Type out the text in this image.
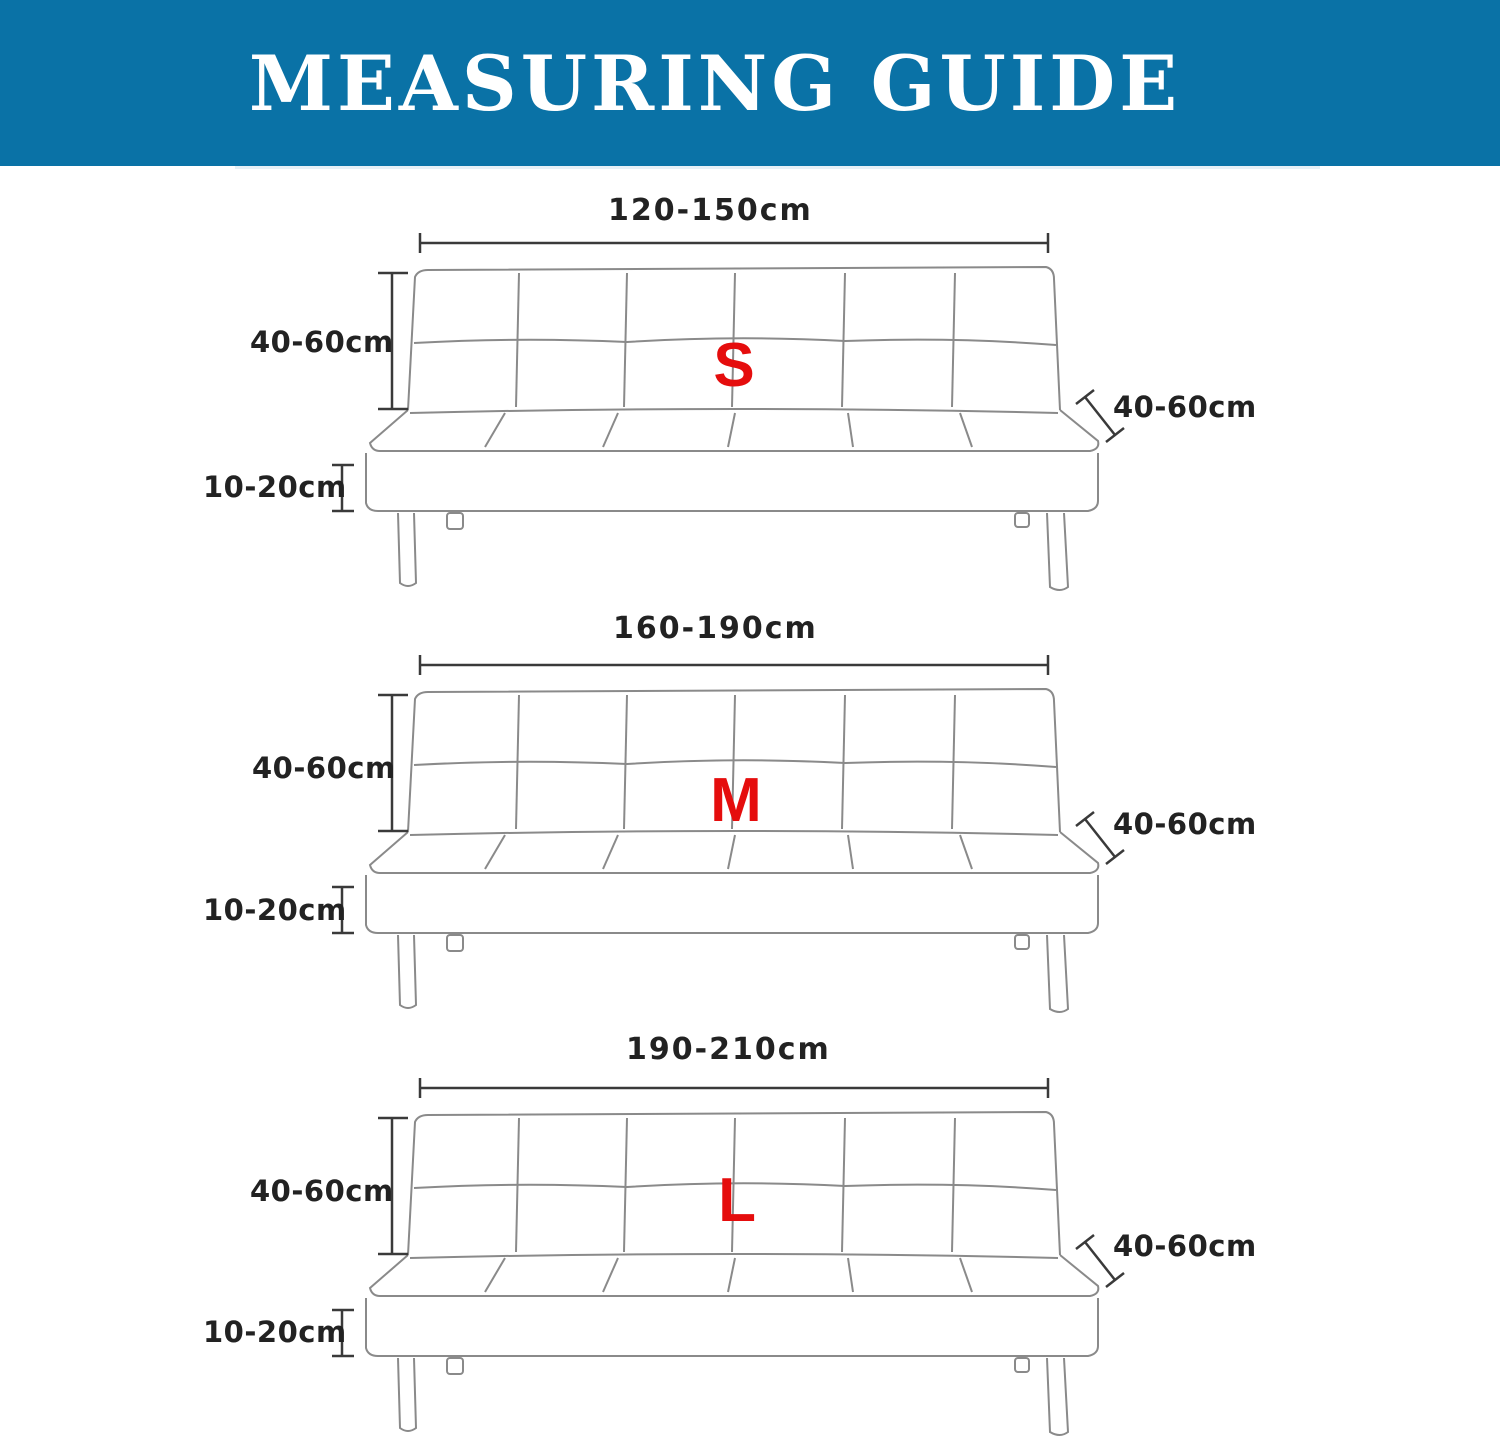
MEASURING GUIDE
120-150cm
40-60cm
40-60cm
10-20cm
S
160-190cm
40-60cm
40-60cm
10-20cm
M
190-210cm
40-60cm
40-60cm
10-20cm
L
